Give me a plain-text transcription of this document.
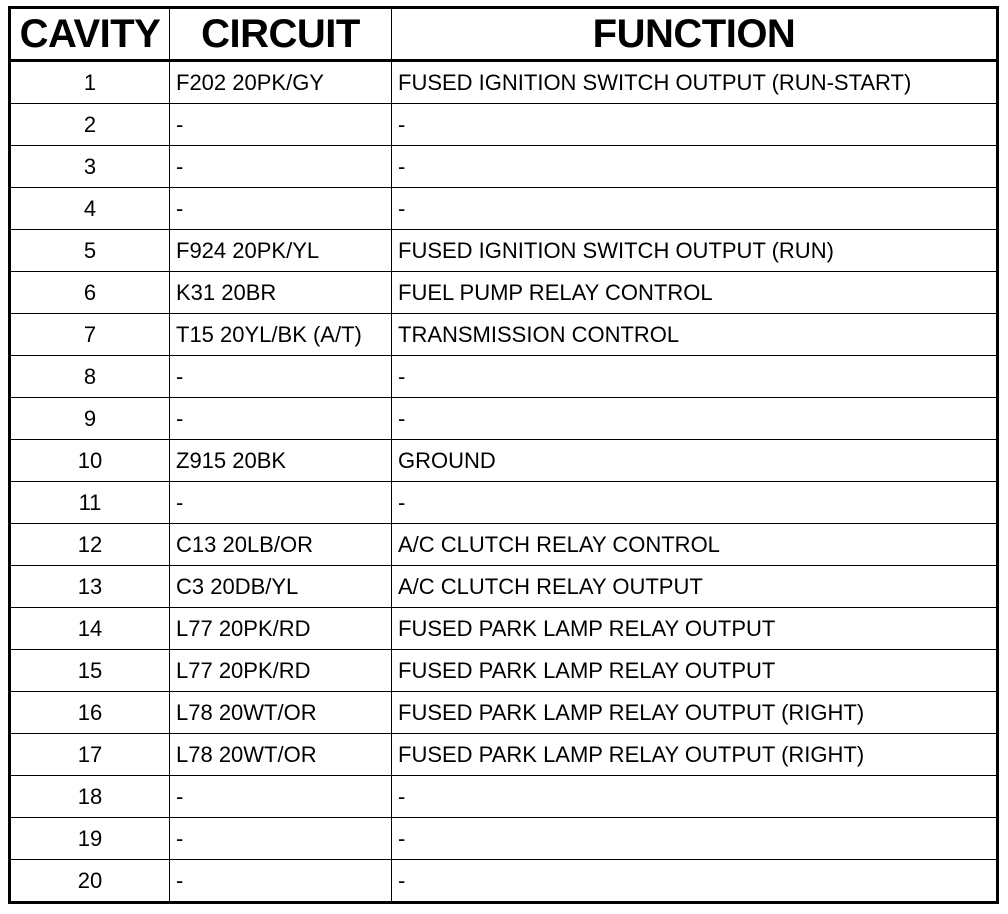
CAVITY	CIRCUIT	FUNCTION
1	F202 20PK/GY	FUSED IGNITION SWITCH OUTPUT (RUN-START)
2	-	-
3	-	-
4	-	-
5	F924 20PK/YL	FUSED IGNITION SWITCH OUTPUT (RUN)
6	K31 20BR	FUEL PUMP RELAY CONTROL
7	T15 20YL/BK (A/T)	TRANSMISSION CONTROL
8	-	-
9	-	-
10	Z915 20BK	GROUND
11	-	-
12	C13 20LB/OR	A/C CLUTCH RELAY CONTROL
13	C3 20DB/YL	A/C CLUTCH RELAY OUTPUT
14	L77 20PK/RD	FUSED PARK LAMP RELAY OUTPUT
15	L77 20PK/RD	FUSED PARK LAMP RELAY OUTPUT
16	L78 20WT/OR	FUSED PARK LAMP RELAY OUTPUT (RIGHT)
17	L78 20WT/OR	FUSED PARK LAMP RELAY OUTPUT (RIGHT)
18	-	-
19	-	-
20	-	-
